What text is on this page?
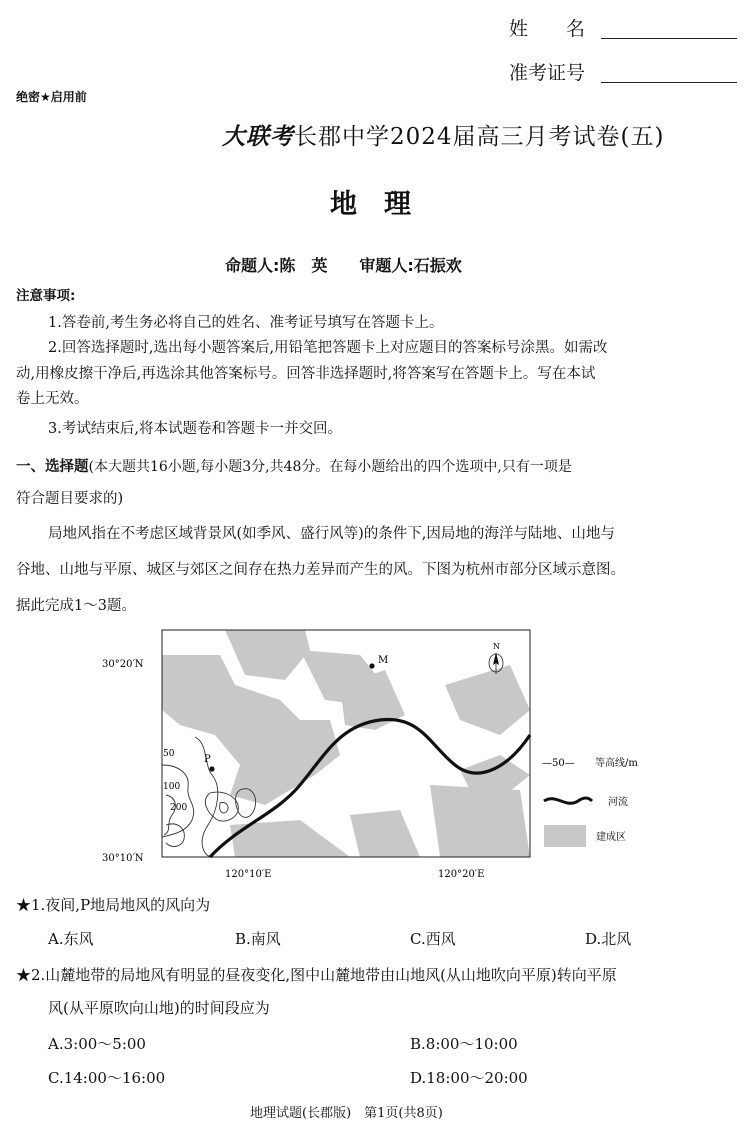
姓　　名
准考证号
绝密★启用前
大联考长郡中学2024届高三月考试卷(五)
地　理
命题人:陈　英　　审题人:石振欢
注意事项:
1.答卷前,考生务必将自己的姓名、准考证号填写在答题卡上。
2.回答选择题时,选出每小题答案后,用铅笔把答题卡上对应题目的答案标号涂黑。如需改
动,用橡皮擦干净后,再选涂其他答案标号。回答非选择题时,将答案写在答题卡上。写在本试
卷上无效。
3.考试结束后,将本试题卷和答题卡一并交回。
一、选择题(本大题共16小题,每小题3分,共48分。在每小题给出的四个选项中,只有一项是
符合题目要求的)
局地风指在不考虑区域背景风(如季风、盛行风等)的条件下,因局地的海洋与陆地、山地与
谷地、山地与平原、城区与郊区之间存在热力差异而产生的风。下图为杭州市部分区域示意图。
据此完成1～3题。
M
P
50
100
200
N
30°20′N
30°10′N
120°10′E	120°20′E
—50— 等高线/m
河流
建成区
★1.夜间,P地局地风的风向为
A.东风	B.南风	C.西风	D.北风
★2.山麓地带的局地风有明显的昼夜变化,图中山麓地带由山地风(从山地吹向平原)转向平原
风(从平原吹向山地)的时间段应为
A.3:00～5:00	B.8:00～10:00
C.14:00～16:00	D.18:00～20:00
地理试题(长郡版)　第1页(共8页)
